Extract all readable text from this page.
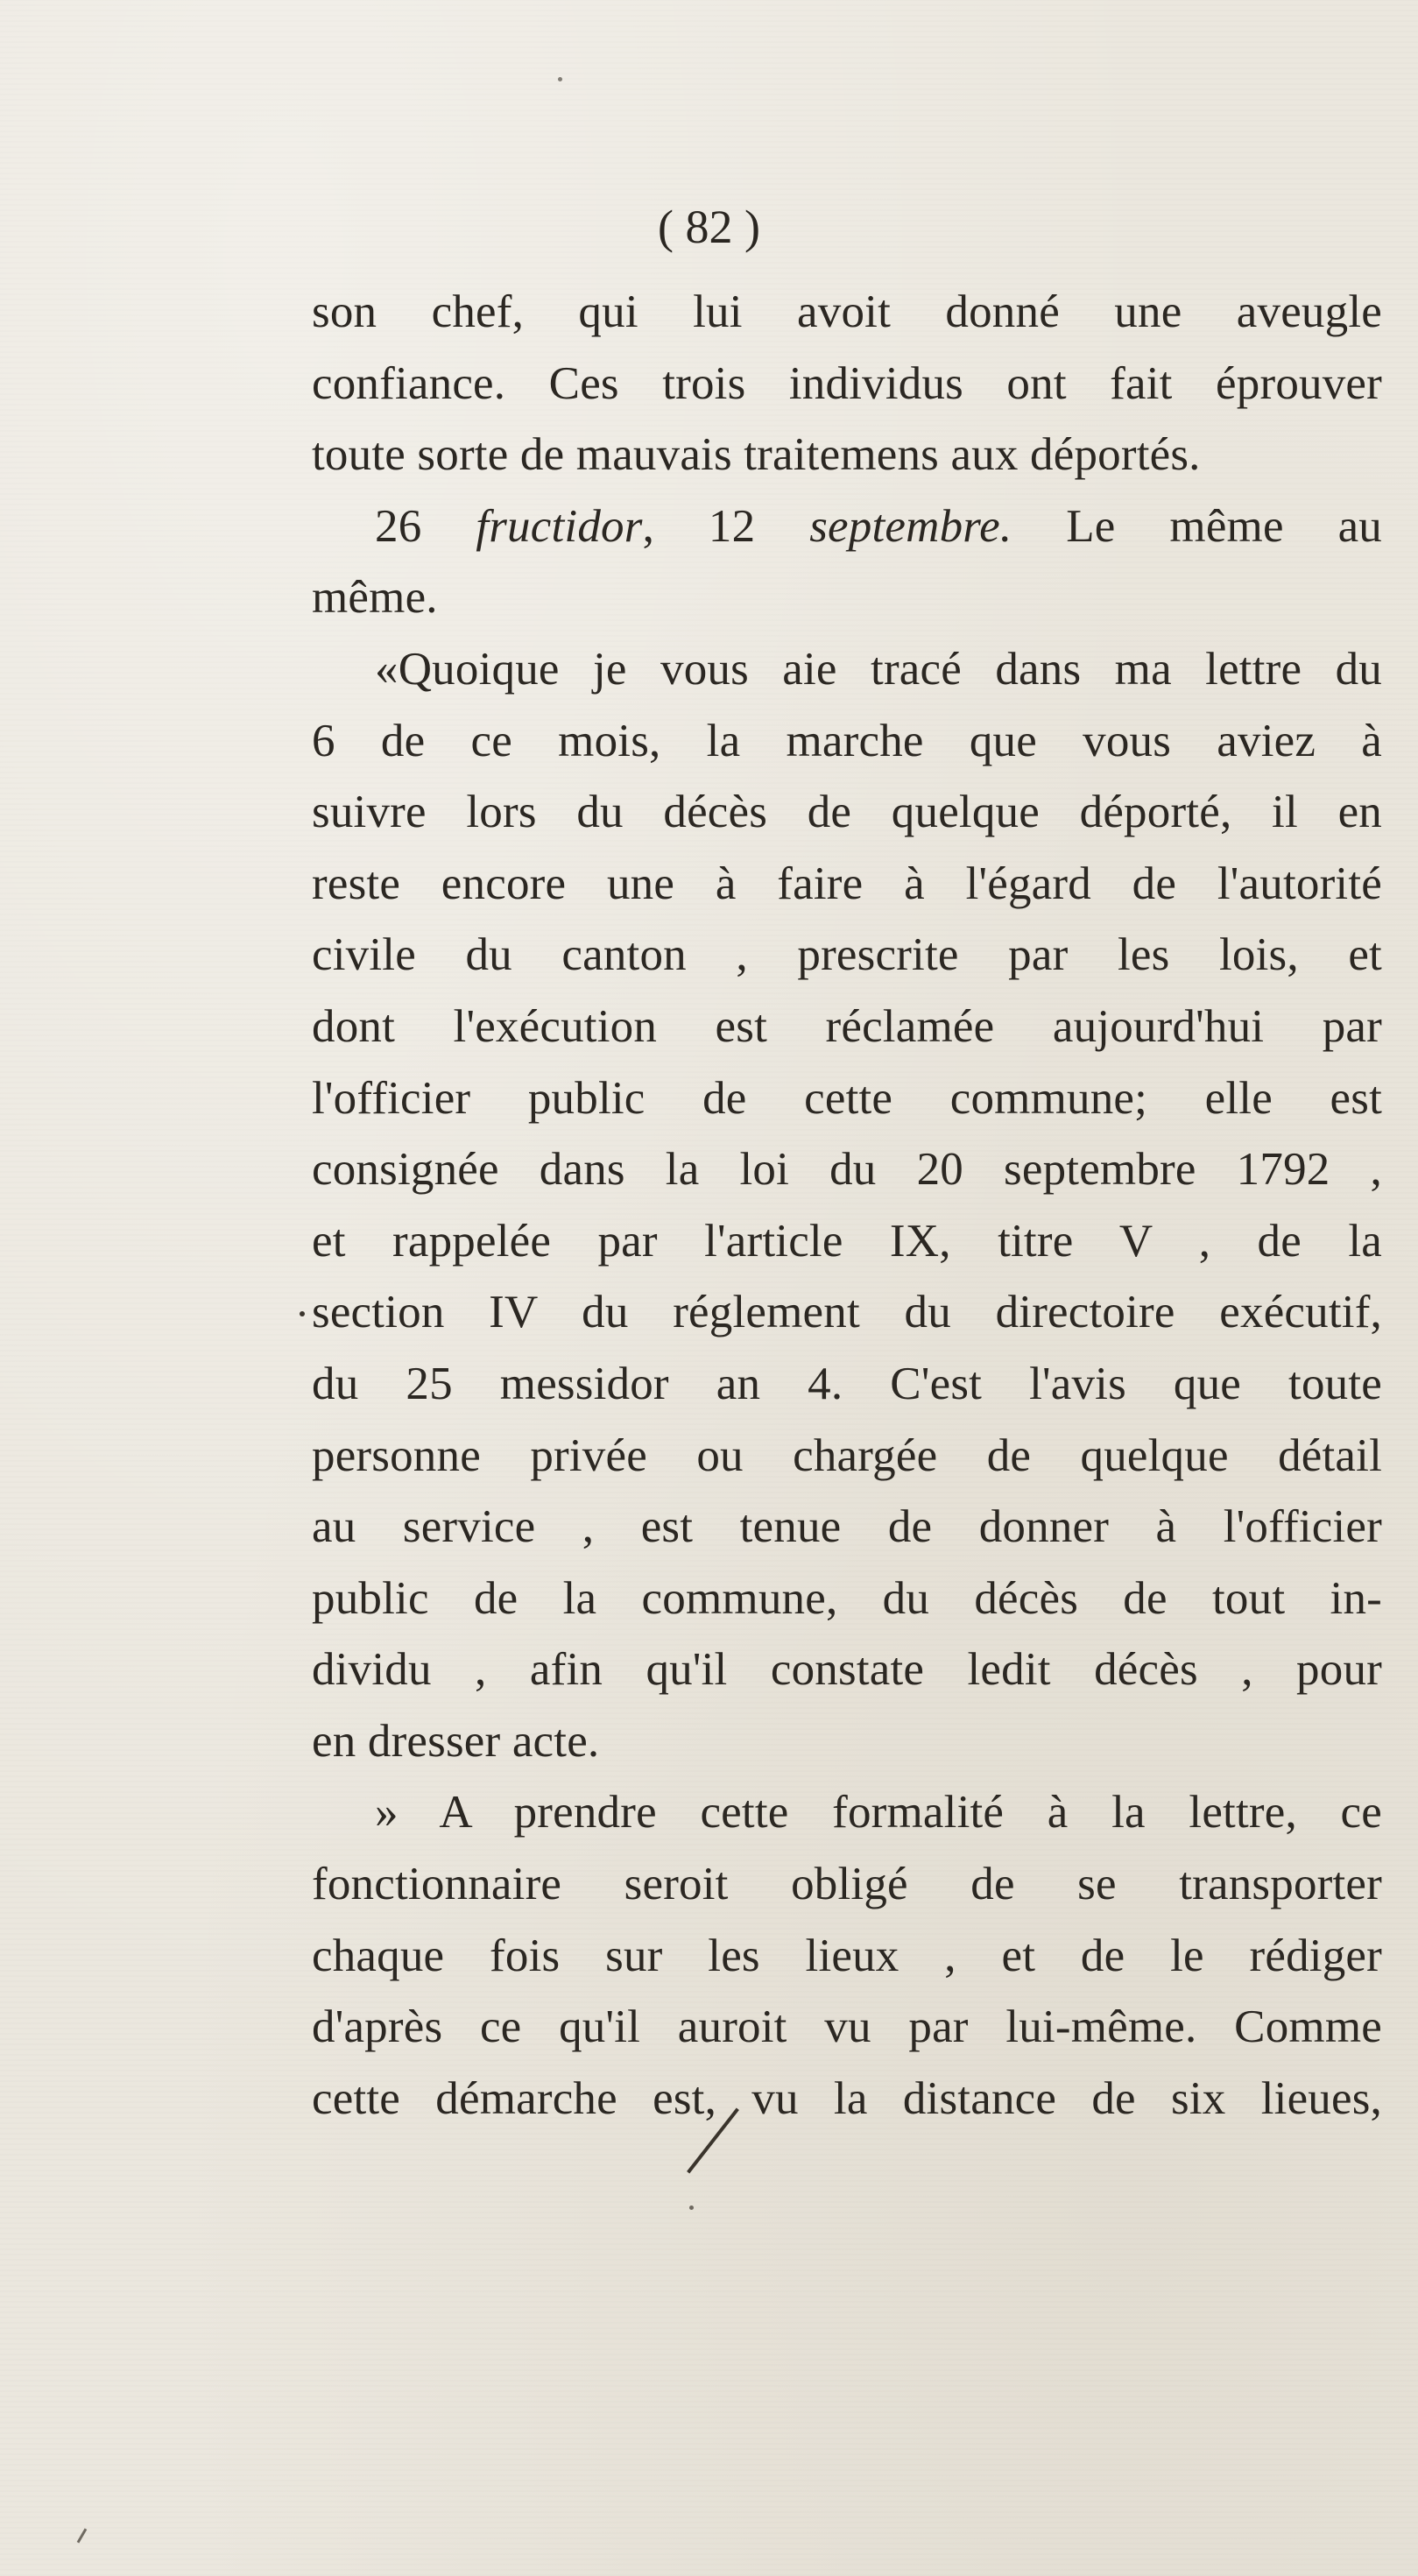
( 82 )
son chef, qui lui avoit donné une aveugle
confiance. Ces trois individus ont fait éprouver
toute sorte de mauvais traitemens aux déportés.
26 fructidor, 12 septembre. Le même au
même.
«Quoique je vous aie tracé dans ma lettre du
6 de ce mois, la marche que vous aviez à
suivre lors du décès de quelque déporté, il en
reste encore une à faire à l'égard de l'autorité
civile du canton , prescrite par les lois, et
dont l'exécution est réclamée aujourd'hui par
l'officier public de cette commune; elle est
consignée dans la loi du 20 septembre 1792 ,
et rappelée par l'article IX, titre V , de la
section IV du réglement du directoire exécutif,
du 25 messidor an 4. C'est l'avis que toute
personne privée ou chargée de quelque détail
au service , est tenue de donner à l'officier
public de la commune, du décès de tout in-
dividu , afin qu'il constate ledit décès , pour
en dresser acte.
» A prendre cette formalité à la lettre, ce
fonctionnaire seroit obligé de se transporter
chaque fois sur les lieux , et de le rédiger
d'après ce qu'il auroit vu par lui-même. Comme
cette démarche est, vu la distance de six lieues,
